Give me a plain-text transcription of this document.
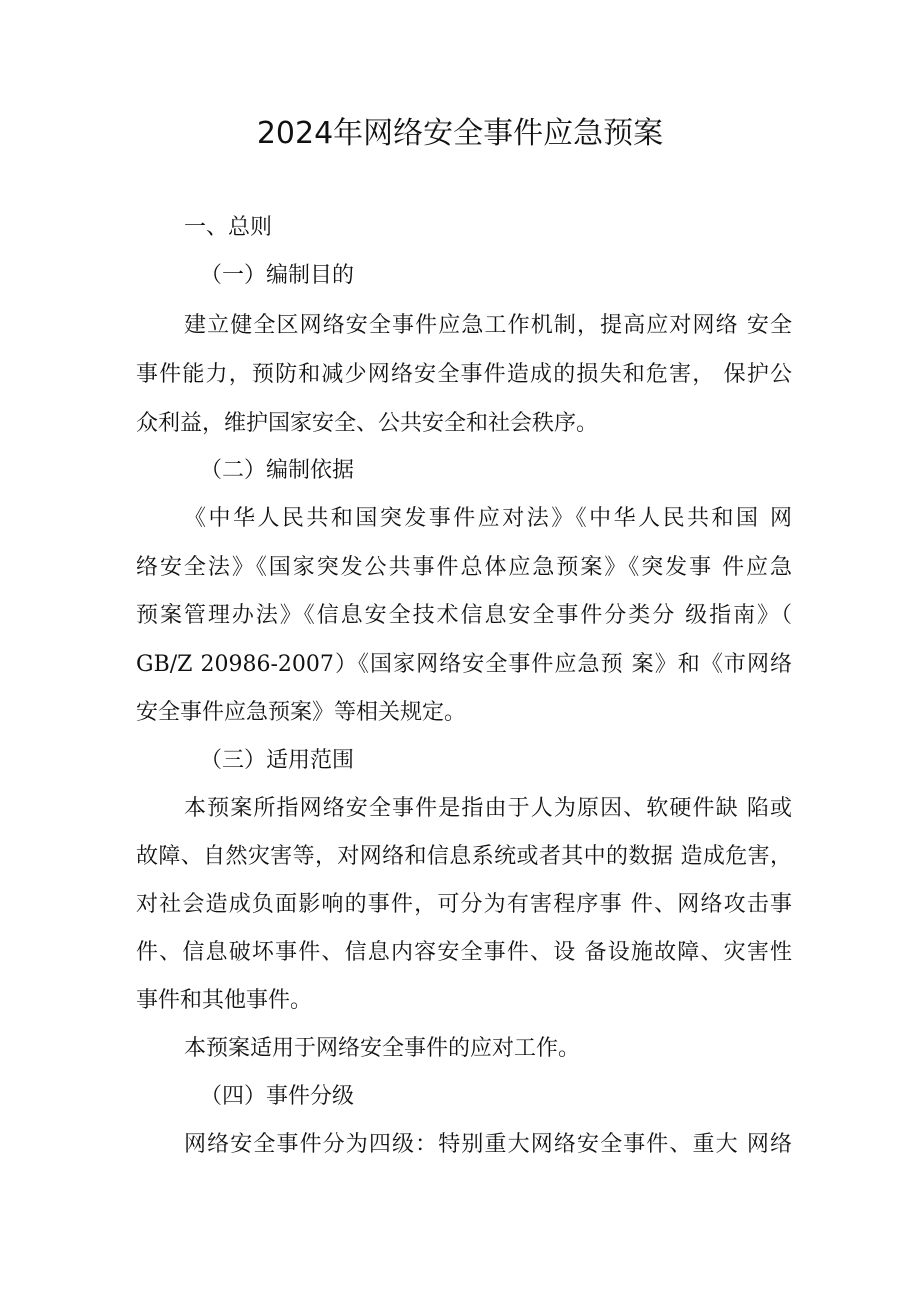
2024年网络安全事件应急预案
一、总则
（一）编制目的
建立健全区网络安全事件应急工作机制，提高应对网络 安全
事件能力，预防和减少网络安全事件造成的损失和危害， 保护公
众利益，维护国家安全、公共安全和社会秩序。
（二）编制依据
《中华人民共和国突发事件应对法》《中华人民共和国 网
络安全法》《国家突发公共事件总体应急预案》《突发事 件应急
预案管理办法》《信息安全技术信息安全事件分类分 级指南》（
GB/Z 20986-2007）《国家网络安全事件应急预 案》和《市网络
安全事件应急预案》等相关规定。
（三）适用范围
本预案所指网络安全事件是指由于人为原因、软硬件缺 陷或
故障、自然灾害等，对网络和信息系统或者其中的数据 造成危害，
对社会造成负面影响的事件，可分为有害程序事 件、网络攻击事
件、信息破坏事件、信息内容安全事件、设 备设施故障、灾害性
事件和其他事件。
本预案适用于网络安全事件的应对工作。
（四）事件分级
网络安全事件分为四级：特别重大网络安全事件、重大 网络
